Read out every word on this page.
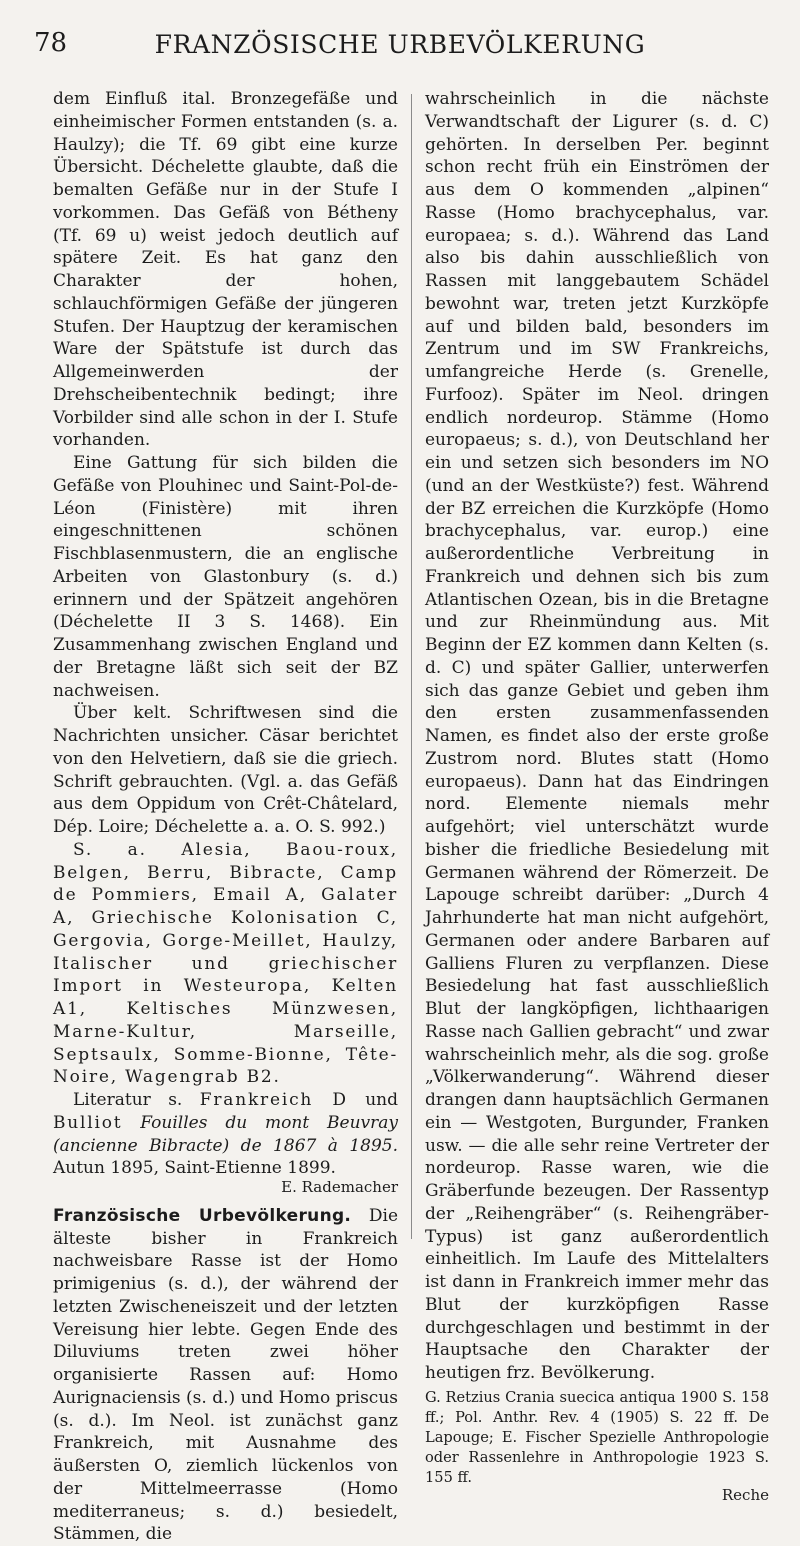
78	FRANZÖSISCHE URBEVÖLKERUNG

dem Einfluß ital. Bronzegefäße und einheimischer Formen entstanden (s. a. Haulzy); die Tf. 69 gibt eine kurze Übersicht. Déchelette glaubte, daß die bemalten Gefäße nur in der Stufe I vorkommen. Das Gefäß von Bétheny (Tf. 69 u) weist jedoch deutlich auf spätere Zeit. Es hat ganz den Charakter der hohen, schlauchförmigen Gefäße der jüngeren Stufen. Der Hauptzug der keramischen Ware der Spätstufe ist durch das Allgemeinwerden der Drehscheibentechnik bedingt; ihre Vorbilder sind alle schon in der I. Stufe vorhanden.

Eine Gattung für sich bilden die Gefäße von Plouhinec und Saint-Pol-de-Léon (Finistère) mit ihren eingeschnittenen schönen Fischblasenmustern, die an englische Arbeiten von Glastonbury (s. d.) erinnern und der Spätzeit angehören (Déchelette II 3 S. 1468). Ein Zusammenhang zwischen England und der Bretagne läßt sich seit der BZ nachweisen.

Über kelt. Schriftwesen sind die Nachrichten unsicher. Cäsar berichtet von den Helvetiern, daß sie die griech. Schrift gebrauchten. (Vgl. a. das Gefäß aus dem Oppidum von Crêt-Châtelard, Dép. Loire; Déchelette a. a. O. S. 992.)

S. a. Alesia, Baou-roux, Belgen, Berru, Bibracte, Camp de Pommiers, Email A, Galater A, Griechische Kolonisation C, Gergovia, Gorge-Meillet, Haulzy, Italischer und griechischer Import in Westeuropa, Kelten A1, Keltisches Münzwesen, Marne-Kultur, Marseille, Septsaulx, Somme-Bionne, Tête-Noire, Wagengrab B2.

Literatur s. Frankreich D und Bulliot Fouilles du mont Beuvray (ancienne Bibracte) de 1867 à 1895. Autun 1895, Saint-Etienne 1899.

E. Rademacher

Französische Urbevölkerung. Die älteste bisher in Frankreich nachweisbare Rasse ist der Homo primigenius (s. d.), der während der letzten Zwischeneiszeit und der letzten Vereisung hier lebte. Gegen Ende des Diluviums treten zwei höher organisierte Rassen auf: Homo Aurignaciensis (s. d.) und Homo priscus (s. d.). Im Neol. ist zunächst ganz Frankreich, mit Ausnahme des äußersten O, ziemlich lückenlos von der Mittelmeerrasse (Homo mediterraneus; s. d.) besiedelt, Stämmen, die

wahrscheinlich in die nächste Verwandtschaft der Ligurer (s. d. C) gehörten. In derselben Per. beginnt schon recht früh ein Einströmen der aus dem O kommenden „alpinen“ Rasse (Homo brachycephalus, var. europaea; s. d.). Während das Land also bis dahin ausschließlich von Rassen mit langgebautem Schädel bewohnt war, treten jetzt Kurzköpfe auf und bilden bald, besonders im Zentrum und im SW Frankreichs, umfangreiche Herde (s. Grenelle, Furfooz). Später im Neol. dringen endlich nordeurop. Stämme (Homo europaeus; s. d.), von Deutschland her ein und setzen sich besonders im NO (und an der Westküste?) fest. Während der BZ erreichen die Kurzköpfe (Homo brachycephalus, var. europ.) eine außerordentliche Verbreitung in Frankreich und dehnen sich bis zum Atlantischen Ozean, bis in die Bretagne und zur Rheinmündung aus. Mit Beginn der EZ kommen dann Kelten (s. d. C) und später Gallier, unterwerfen sich das ganze Gebiet und geben ihm den ersten zusammenfassenden Namen, es findet also der erste große Zustrom nord. Blutes statt (Homo europaeus). Dann hat das Eindringen nord. Elemente niemals mehr aufgehört; viel unterschätzt wurde bisher die friedliche Besiedelung mit Germanen während der Römerzeit. De Lapouge schreibt darüber: „Durch 4 Jahrhunderte hat man nicht aufgehört, Germanen oder andere Barbaren auf Galliens Fluren zu verpflanzen. Diese Besiedelung hat fast ausschließlich Blut der langköpfigen, lichthaarigen Rasse nach Gallien gebracht“ und zwar wahrscheinlich mehr, als die sog. große „Völkerwanderung“. Während dieser drangen dann hauptsächlich Germanen ein — Westgoten, Burgunder, Franken usw. — die alle sehr reine Vertreter der nordeurop. Rasse waren, wie die Gräberfunde bezeugen. Der Rassentyp der „Reihengräber“ (s. Reihengräber-Typus) ist ganz außerordentlich einheitlich. Im Laufe des Mittelalters ist dann in Frankreich immer mehr das Blut der kurzköpfigen Rasse durchgeschlagen und bestimmt in der Hauptsache den Charakter der heutigen frz. Bevölkerung.

G. Retzius Crania suecica antiqua 1900 S. 158 ff.; Pol. Anthr. Rev. 4 (1905) S. 22 ff. De Lapouge; E. Fischer Spezielle Anthropologie oder Rassenlehre in Anthropologie 1923 S. 155 ff.

Reche
